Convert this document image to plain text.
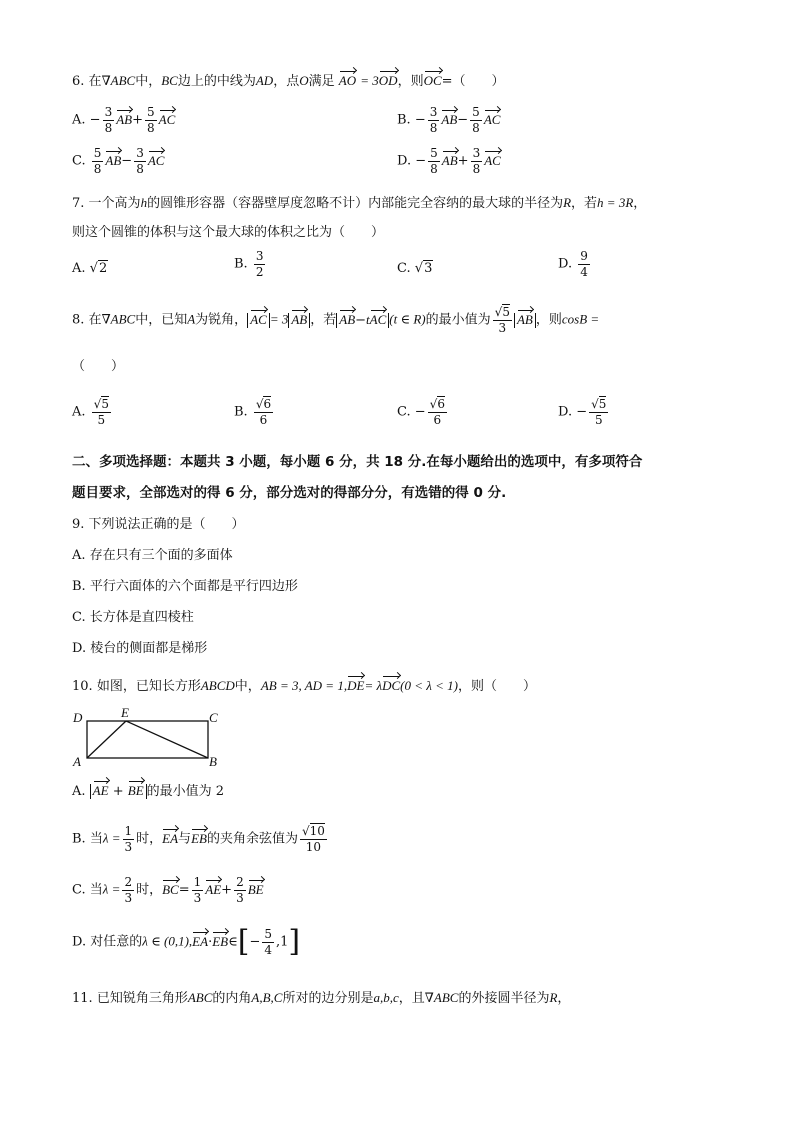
6. 在∇ABC中，BC边上的中线为AD，点O满足 AO = 3OD，则OC=（　　）
A. − $\frac{3}{8} AB+ \frac{5}{8}$ AC	B. − $\frac{3}{8} AB- \frac{5}{8}$ AC
C. $\frac{5}{8} AB- \frac{3}{8}$ AC	D. − $\frac{5}{8} AB+ \frac{3}{8}$ AC
7. 一个高为h的圆锥形容器（容器壁厚度忽略不计）内部能完全容纳的最大球的半径为R，若h = 3R，
则这个圆锥的体积与这个最大球的体积之比为（　　）
A. √2	B. $\frac{3}{2}$	C. √3	D. $\frac{9}{4}$
8. 在∇ABC中，已知A为锐角， AC = 3 AB ，若 AB−tAC (t ∈ R)的最小值为 $\frac{√5}{3}$ AB ，则cosB =
（　　）
A. $\frac{√5}{5}$	B. $\frac{√6}{6}$	C. − $\frac{√6}{6}$	D. − $\frac{√5}{5}$
二、多项选择题：本题共 3 小题，每小题 6 分，共 18 分.在每小题给出的选项中，有多项符合
题目要求，全部选对的得 6 分，部分选对的得部分分，有选错的得 0 分.
9. 下列说法正确的是（　　）
A. 存在只有三个面的多面体
B. 平行六面体的六个面都是平行四边形
C. 长方体是直四棱柱
D. 棱台的侧面都是梯形
10. 如图，已知长方形ABCD中，AB = 3, AD = 1,DE= λDC(0 < λ < 1)，则（　　）
D	E	C
A	B
A. AE + BE 的最小值为 2
B. 当$\lambda = \frac{1}{3}$ 时，EA与EB的夹角余弦值为 $\frac{√10}{10}$
C. 当$\lambda = \frac{2}{3}$ 时，$BC= \frac{1}{3} AE+ \frac{2}{3}$ BE
D. 对任意的λ ∈ (0,1),EA·EB∈[− $\frac{5}{4} ,1$]
11. 已知锐角三角形ABC的内角A,B,C所对的边分别是a,b,c，且∇ABC的外接圆半径为R，
